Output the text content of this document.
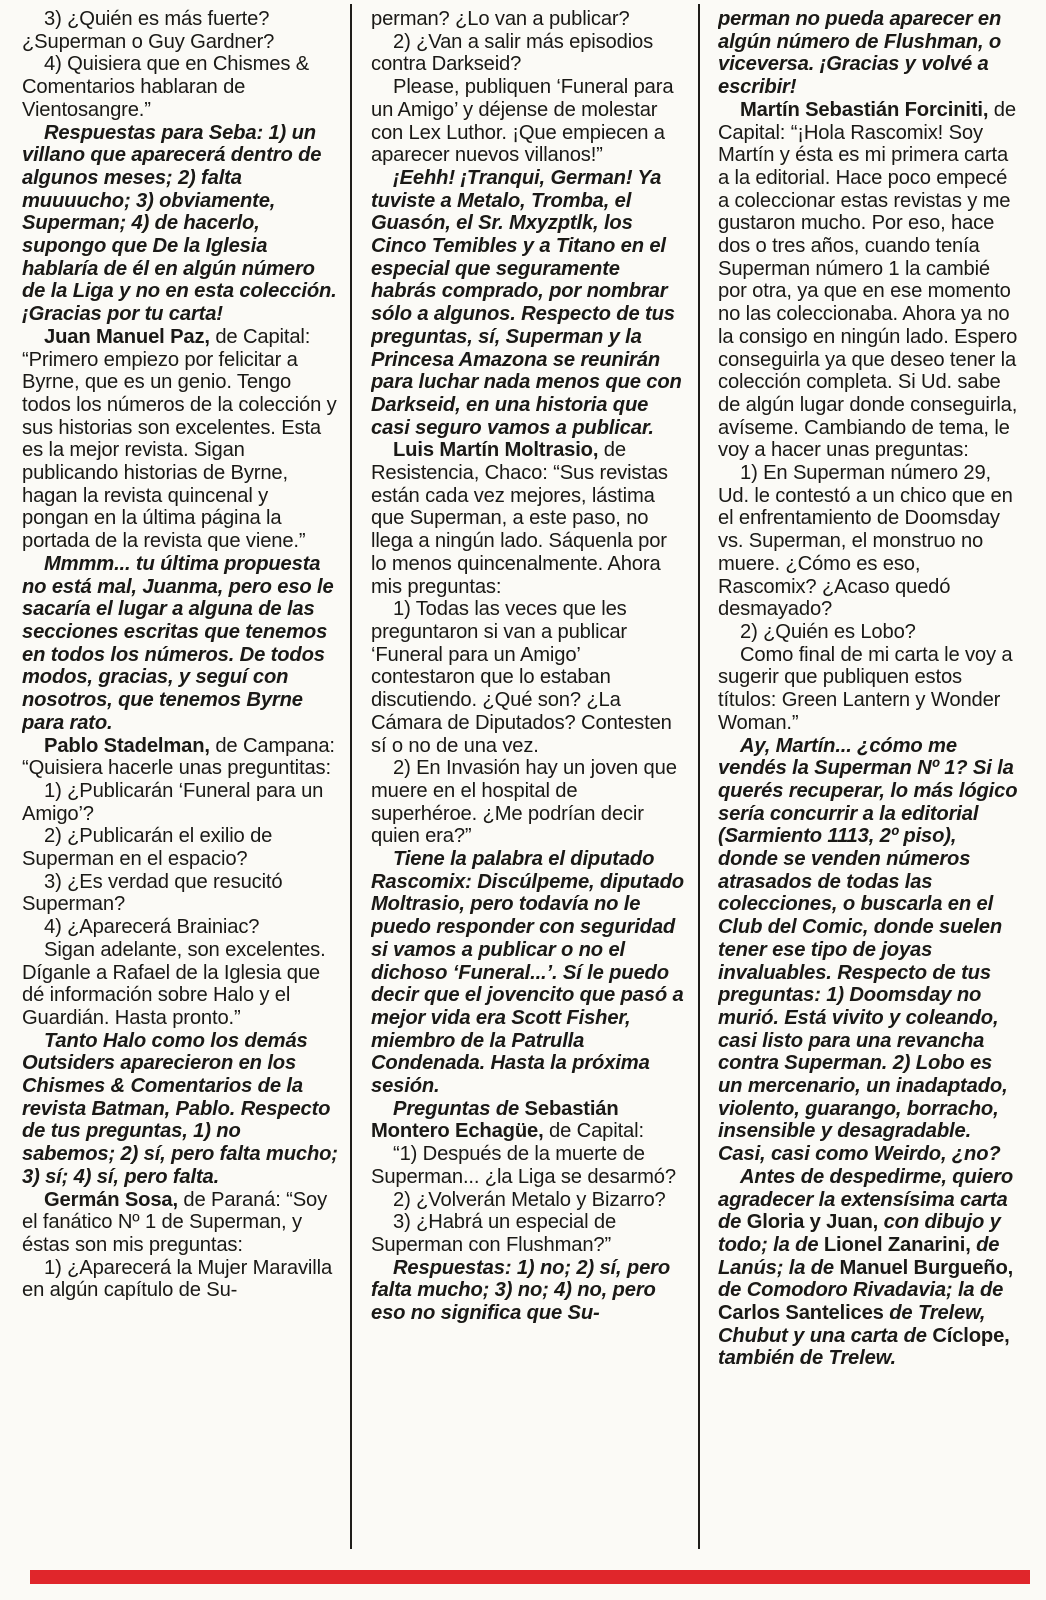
3) ¿Quién es más fuerte? ¿Superman o Guy Gardner?

4) Quisiera que en Chismes & Comentarios hablaran de Vientosangre.”

Respuestas para Seba: 1) un villano que aparecerá dentro de algunos meses; 2) falta muuuucho; 3) obviamente, Superman; 4) de hacerlo, supongo que De la Iglesia hablaría de él en algún número de la Liga y no en esta colección. ¡Gracias por tu carta!

Juan Manuel Paz, de Capital: “Primero empiezo por felicitar a Byrne, que es un genio. Tengo todos los números de la colección y sus historias son excelentes. Esta es la mejor revista. Sigan publicando historias de Byrne, hagan la revista quincenal y pongan en la última página la portada de la revista que viene.”

Mmmm... tu última propuesta no está mal, Juanma, pero eso le sacaría el lugar a alguna de las secciones escritas que tenemos en todos los números. De todos modos, gracias, y seguí con nosotros, que tenemos Byrne para rato.

Pablo Stadelman, de Campana: “Quisiera hacerle unas preguntitas:

1) ¿Publicarán ‘Funeral para un Amigo’?

2) ¿Publicarán el exilio de Superman en el espacio?

3) ¿Es verdad que resucitó Superman?

4) ¿Aparecerá Brainiac?

Sigan adelante, son excelentes. Díganle a Rafael de la Iglesia que dé información sobre Halo y el Guardián. Hasta pronto.”

Tanto Halo como los demás Outsiders aparecieron en los Chismes & Comentarios de la revista Batman, Pablo. Respecto de tus preguntas, 1) no sabemos; 2) sí, pero falta mucho; 3) sí; 4) sí, pero falta.

Germán Sosa, de Paraná: “Soy el fanático Nº 1 de Superman, y éstas son mis preguntas:

1) ¿Aparecerá la Mujer Maravilla en algún capítulo de Su-

perman? ¿Lo van a publicar?

2) ¿Van a salir más episodios contra Darkseid?

Please, publiquen ‘Funeral para un Amigo’ y déjense de molestar con Lex Luthor. ¡Que empiecen a aparecer nuevos villanos!”

¡Eehh! ¡Tranqui, German! Ya tuviste a Metalo, Tromba, el Guasón, el Sr. Mxyzptlk, los Cinco Temibles y a Titano en el especial que seguramente habrás comprado, por nombrar sólo a algunos. Respecto de tus preguntas, sí, Superman y la Princesa Amazona se reunirán para luchar nada menos que con Darkseid, en una historia que casi seguro vamos a publicar.

Luis Martín Moltrasio, de Resistencia, Chaco: “Sus revistas están cada vez mejores, lástima que Superman, a este paso, no llega a ningún lado. Sáquenla por lo menos quincenalmente. Ahora mis preguntas:

1) Todas las veces que les preguntaron si van a publicar ‘Funeral para un Amigo’ contestaron que lo estaban discutiendo. ¿Qué son? ¿La Cámara de Diputados? Contesten sí o no de una vez.

2) En Invasión hay un joven que muere en el hospital de superhéroe. ¿Me podrían decir quien era?”

Tiene la palabra el diputado Rascomix: Discúlpeme, diputado Moltrasio, pero todavía no le puedo responder con seguridad si vamos a publicar o no el dichoso ‘Funeral...’. Sí le puedo decir que el jovencito que pasó a mejor vida era Scott Fisher, miembro de la Patrulla Condenada. Hasta la próxima sesión.

Preguntas de Sebastián Montero Echagüe, de Capital:

“1) Después de la muerte de Superman... ¿la Liga se desarmó?

2) ¿Volverán Metalo y Bizarro?

3) ¿Habrá un especial de Superman con Flushman?”

Respuestas: 1) no; 2) sí, pero falta mucho; 3) no; 4) no, pero eso no significa que Su-

perman no pueda aparecer en algún número de Flushman, o viceversa. ¡Gracias y volvé a escribir!

Martín Sebastián Forciniti, de Capital: “¡Hola Rascomix! Soy Martín y ésta es mi primera carta a la editorial. Hace poco empecé a coleccionar estas revistas y me gustaron mucho. Por eso, hace dos o tres años, cuando tenía Superman número 1 la cambié por otra, ya que en ese momento no las coleccionaba. Ahora ya no la consigo en ningún lado. Espero conseguirla ya que deseo tener la colección completa. Si Ud. sabe de algún lugar donde conseguirla, avíseme. Cambiando de tema, le voy a hacer unas preguntas:

1) En Superman número 29, Ud. le contestó a un chico que en el enfrentamiento de Doomsday vs. Superman, el monstruo no muere. ¿Cómo es eso, Rascomix? ¿Acaso quedó desmayado?

2) ¿Quién es Lobo?

Como final de mi carta le voy a sugerir que publiquen estos títulos: Green Lantern y Wonder Woman.”

Ay, Martín... ¿cómo me vendés la Superman Nº 1? Si la querés recuperar, lo más lógico sería concurrir a la editorial (Sarmiento 1113, 2º piso), donde se venden números atrasados de todas las colecciones, o buscarla en el Club del Comic, donde suelen tener ese tipo de joyas invaluables. Respecto de tus preguntas: 1) Doomsday no murió. Está vivito y coleando, casi listo para una revancha contra Superman. 2) Lobo es un mercenario, un inadaptado, violento, guarango, borracho, insensible y desagradable. Casi, casi como Weirdo, ¿no?

Antes de despedirme, quiero agradecer la extensísima carta de Gloria y Juan, con dibujo y todo; la de Lionel Zanarini, de Lanús; la de Manuel Burgueño, de Comodoro Rivadavia; la de Carlos Santelices de Trelew, Chubut y una carta de Cíclope, también de Trelew.
